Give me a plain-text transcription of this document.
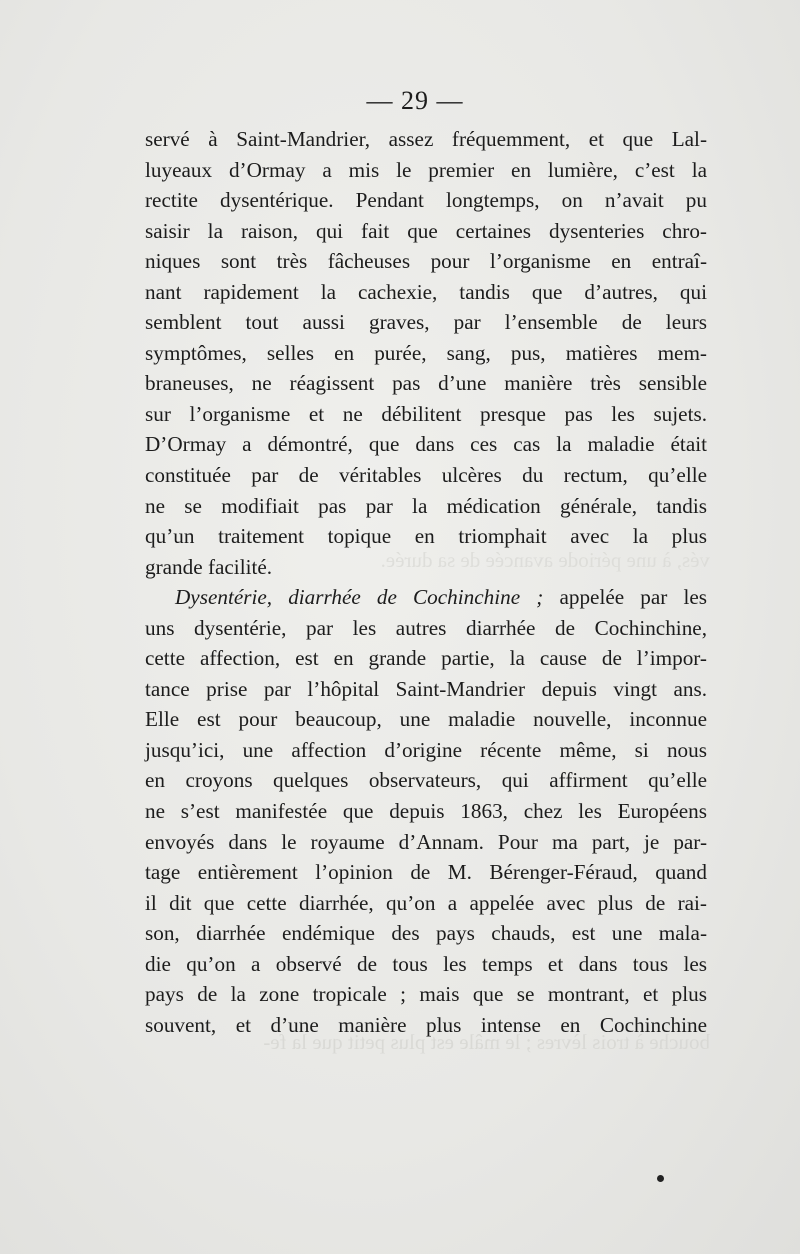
vés, à une période avancée de sa durée.
bouche à trois lèvres ; le mâle est plus petit que la fe-
— 29 —
servé à Saint-Mandrier, assez fréquemment, et que Lal-
luyeaux d’Ormay a mis le premier en lumière, c’est la
rectite dysentérique. Pendant longtemps, on n’avait pu
saisir la raison, qui fait que certaines dysenteries chro-
niques sont très fâcheuses pour l’organisme en entraî-
nant rapidement la cachexie, tandis que d’autres, qui
semblent tout aussi graves, par l’ensemble de leurs
symptômes, selles en purée, sang, pus, matières mem-
braneuses, ne réagissent pas d’une manière très sensible
sur l’organisme et ne débilitent presque pas les sujets.
D’Ormay a démontré, que dans ces cas la maladie était
constituée par de véritables ulcères du rectum, qu’elle
ne se modifiait pas par la médication générale, tandis
qu’un traitement topique en triomphait avec la plus
grande facilité.
Dysentérie, diarrhée de Cochinchine ; appelée par les
uns dysentérie, par les autres diarrhée de Cochinchine,
cette affection, est en grande partie, la cause de l’impor-
tance prise par l’hôpital Saint-Mandrier depuis vingt ans.
Elle est pour beaucoup, une maladie nouvelle, inconnue
jusqu’ici, une affection d’origine récente même, si nous
en croyons quelques observateurs, qui affirment qu’elle
ne s’est manifestée que depuis 1863, chez les Européens
envoyés dans le royaume d’Annam. Pour ma part, je par-
tage entièrement l’opinion de M. Bérenger-Féraud, quand
il dit que cette diarrhée, qu’on a appelée avec plus de rai-
son, diarrhée endémique des pays chauds, est une mala-
die qu’on a observé de tous les temps et dans tous les
pays de la zone tropicale ; mais que se montrant, et plus
souvent, et d’une manière plus intense en Cochinchine
